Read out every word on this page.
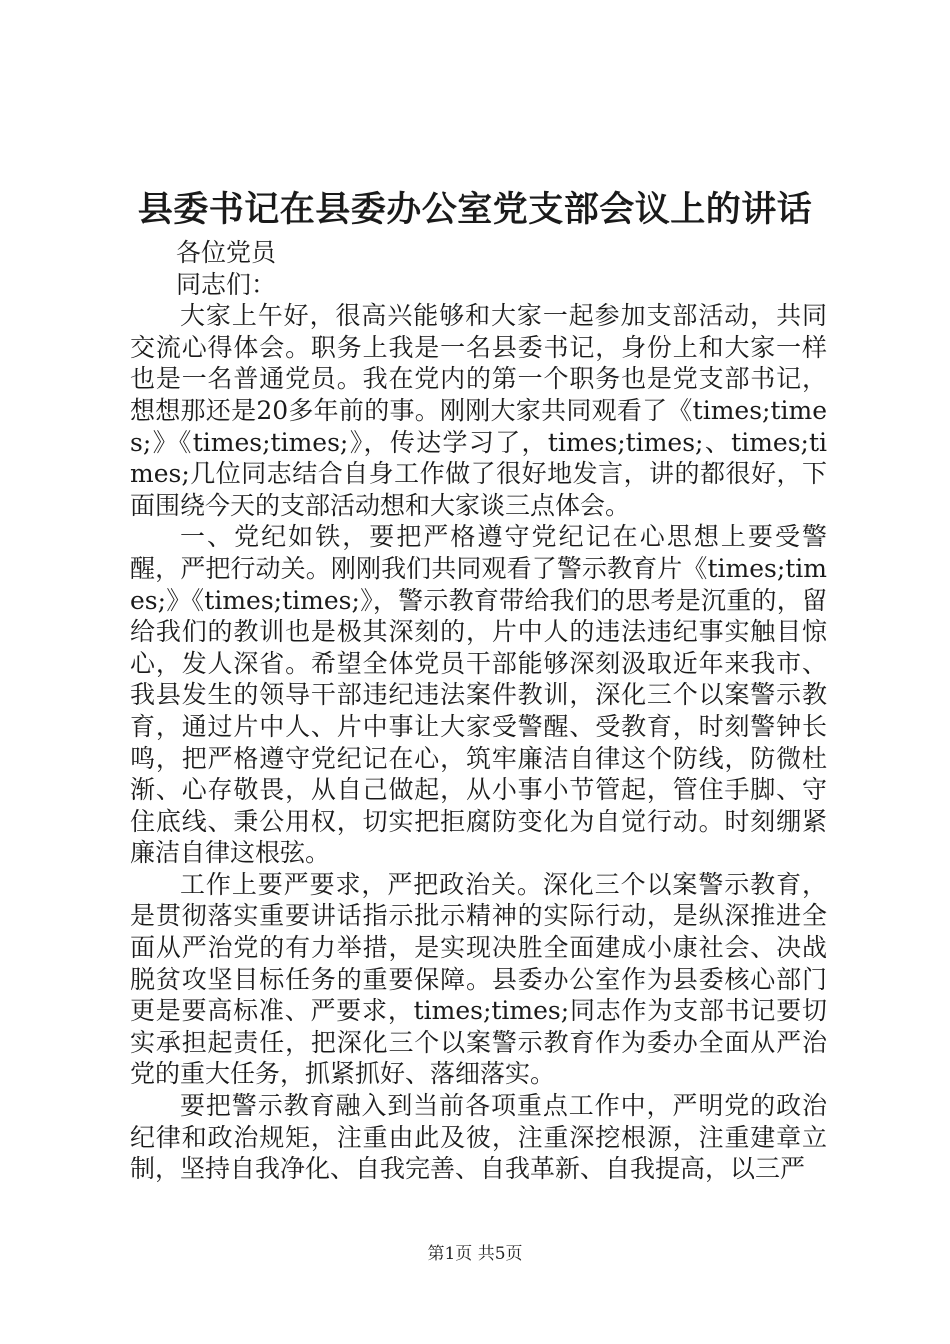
县委书记在县委办公室党支部会议上的讲话

各位党员

同志们：

大家上午好，很高兴能够和大家一起参加支部活动，共同交流心得体会。职务上我是一名县委书记，身份上和大家一样也是一名普通党员。我在党内的第一个职务也是党支部书记，想想那还是20多年前的事。刚刚大家共同观看了《times;times;》《times;times;》，传达学习了，times;times;、times;times;几位同志结合自身工作做了很好地发言，讲的都很好，下面围绕今天的支部活动想和大家谈三点体会。

一、党纪如铁，要把严格遵守党纪记在心思想上要受警醒，严把行动关。刚刚我们共同观看了警示教育片《times;times;》《times;times;》，警示教育带给我们的思考是沉重的，留给我们的教训也是极其深刻的，片中人的违法违纪事实触目惊心，发人深省。希望全体党员干部能够深刻汲取近年来我市、我县发生的领导干部违纪违法案件教训，深化三个以案警示教育，通过片中人、片中事让大家受警醒、受教育，时刻警钟长鸣，把严格遵守党纪记在心，筑牢廉洁自律这个防线，防微杜渐、心存敬畏，从自己做起，从小事小节管起，管住手脚、守住底线、秉公用权，切实把拒腐防变化为自觉行动。时刻绷紧廉洁自律这根弦。

工作上要严要求，严把政治关。深化三个以案警示教育，是贯彻落实重要讲话指示批示精神的实际行动，是纵深推进全面从严治党的有力举措，是实现决胜全面建成小康社会、决战脱贫攻坚目标任务的重要保障。县委办公室作为县委核心部门更是要高标准、严要求，times;times;同志作为支部书记要切实承担起责任，把深化三个以案警示教育作为委办全面从严治党的重大任务，抓紧抓好、落细落实。

要把警示教育融入到当前各项重点工作中，严明党的政治纪律和政治规矩，注重由此及彼，注重深挖根源，注重建章立制，坚持自我净化、自我完善、自我革新、自我提高，以三严

第1页 共5页
